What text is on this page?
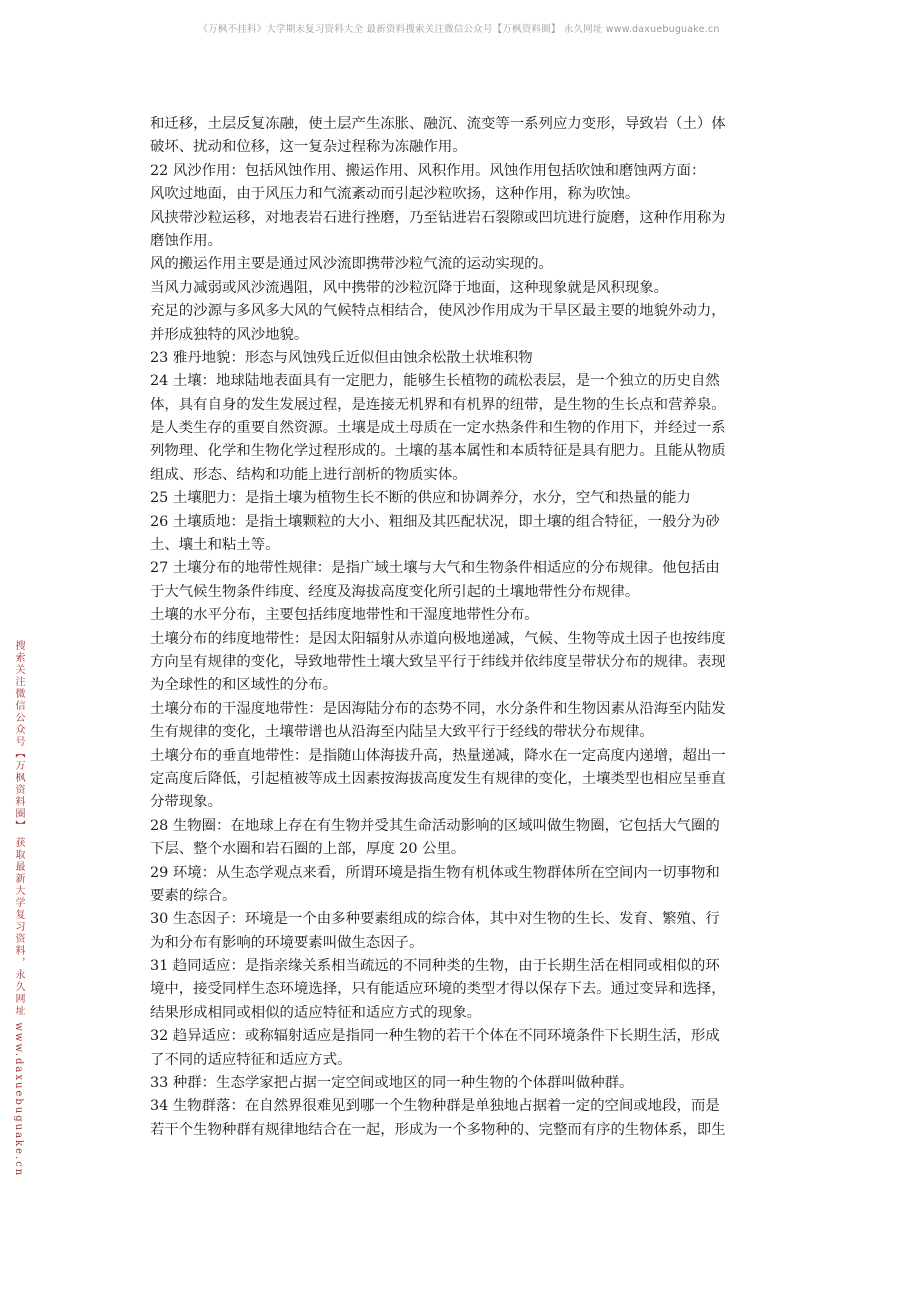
《万枫不挂科》大学期末复习资料大全 最新资料搜索关注微信公众号【万枫资料圈】 永久网址 www.daxuebuguake.cn
搜索关注微信公众号【万枫资料圈】 获取最新大学复习资料，永久网址 www.daxuebuguake.cn
和迁移，土层反复冻融，使土层产生冻胀、融沉、流变等一系列应力变形，导致岩（土）体
破坏、扰动和位移，这一复杂过程称为冻融作用。
22 风沙作用：包括风蚀作用、搬运作用、风积作用。风蚀作用包括吹蚀和磨蚀两方面：
风吹过地面，由于风压力和气流紊动而引起沙粒吹扬，这种作用，称为吹蚀。
风挟带沙粒运移，对地表岩石进行挫磨，乃至钻进岩石裂隙或凹坑进行旋磨，这种作用称为
磨蚀作用。
风的搬运作用主要是通过风沙流即携带沙粒气流的运动实现的。
当风力减弱或风沙流遇阻，风中携带的沙粒沉降于地面，这种现象就是风积现象。
充足的沙源与多风多大风的气候特点相结合，使风沙作用成为干旱区最主要的地貌外动力，
并形成独特的风沙地貌。
23 雅丹地貌：形态与风蚀残丘近似但由蚀余松散土状堆积物
24 土壤：地球陆地表面具有一定肥力，能够生长植物的疏松表层，是一个独立的历史自然
体，具有自身的发生发展过程，是连接无机界和有机界的纽带，是生物的生长点和营养泉。
是人类生存的重要自然资源。土壤是成土母质在一定水热条件和生物的作用下，并经过一系
列物理、化学和生物化学过程形成的。土壤的基本属性和本质特征是具有肥力。且能从物质
组成、形态、结构和功能上进行剖析的物质实体。
25 土壤肥力：是指土壤为植物生长不断的供应和协调养分，水分，空气和热量的能力
26 土壤质地：是指土壤颗粒的大小、粗细及其匹配状况，即土壤的组合特征，一般分为砂
土、壤土和粘土等。
27 土壤分布的地带性规律：是指广域土壤与大气和生物条件相适应的分布规律。他包括由
于大气候生物条件纬度、经度及海拔高度变化所引起的土壤地带性分布规律。
土壤的水平分布，主要包括纬度地带性和干湿度地带性分布。
土壤分布的纬度地带性：是因太阳辐射从赤道向极地递减，气候、生物等成土因子也按纬度
方向呈有规律的变化，导致地带性土壤大致呈平行于纬线并依纬度呈带状分布的规律。表现
为全球性的和区域性的分布。
土壤分布的干湿度地带性：是因海陆分布的态势不同，水分条件和生物因素从沿海至内陆发
生有规律的变化，土壤带谱也从沿海至内陆呈大致平行于经线的带状分布规律。
土壤分布的垂直地带性：是指随山体海拔升高，热量递减，降水在一定高度内递增，超出一
定高度后降低，引起植被等成土因素按海拔高度发生有规律的变化，土壤类型也相应呈垂直
分带现象。
28 生物圈：在地球上存在有生物并受其生命活动影响的区域叫做生物圈，它包括大气圈的
下层、整个水圈和岩石圈的上部，厚度 20 公里。
29 环境：从生态学观点来看，所谓环境是指生物有机体或生物群体所在空间内一切事物和
要素的综合。
30 生态因子：环境是一个由多种要素组成的综合体，其中对生物的生长、发育、繁殖、行
为和分布有影响的环境要素叫做生态因子。
31 趋同适应：是指亲缘关系相当疏远的不同种类的生物，由于长期生活在相同或相似的环
境中，接受同样生态环境选择，只有能适应环境的类型才得以保存下去。通过变异和选择，
结果形成相同或相似的适应特征和适应方式的现象。
32 趋异适应：或称辐射适应是指同一种生物的若干个体在不同环境条件下长期生活，形成
了不同的适应特征和适应方式。
33 种群：生态学家把占据一定空间或地区的同一种生物的个体群叫做种群。
34 生物群落：在自然界很难见到哪一个生物种群是单独地占据着一定的空间或地段，而是
若干个生物种群有规律地结合在一起，形成为一个多物种的、完整而有序的生物体系，即生
